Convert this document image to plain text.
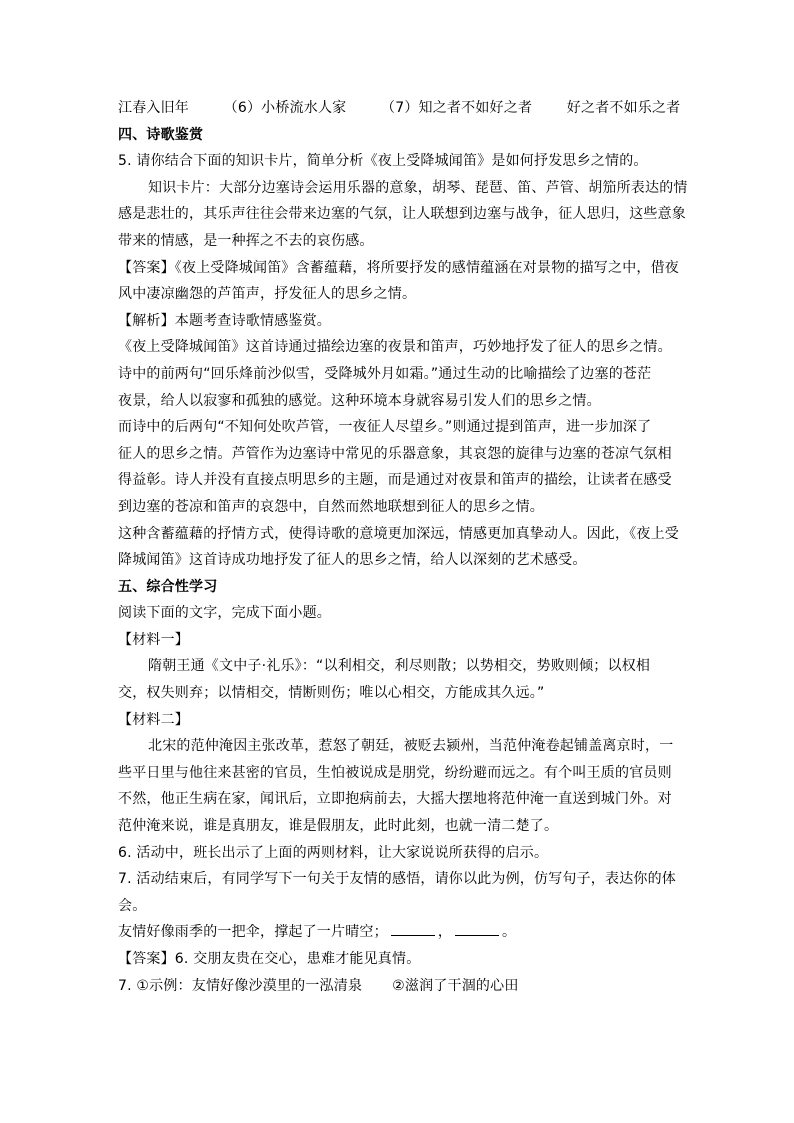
江春入旧年 （6）小桥流水人家 （7）知之者不如好之者 好之者不如乐之者
四、诗歌鉴赏
5. 请你结合下面的知识卡片，简单分析《夜上受降城闻笛》是如何抒发思乡之情的。
知识卡片：大部分边塞诗会运用乐器的意象，胡琴、琵琶、笛、芦管、胡笳所表达的情
感是悲壮的，其乐声往往会带来边塞的气氛，让人联想到边塞与战争，征人思归，这些意象
带来的情感，是一种挥之不去的哀伤感。
【答案】《夜上受降城闻笛》含蓄蕴藉，将所要抒发的感情蕴涵在对景物的描写之中，借夜
风中凄凉幽怨的芦笛声，抒发征人的思乡之情。
【解析】本题考查诗歌情感鉴赏。
《夜上受降城闻笛》这首诗通过描绘边塞的夜景和笛声，巧妙地抒发了征人的思乡之情。
诗中的前两句“回乐烽前沙似雪，受降城外月如霜。”通过生动的比喻描绘了边塞的苍茫
夜景，给人以寂寥和孤独的感觉。这种环境本身就容易引发人们的思乡之情。
而诗中的后两句“不知何处吹芦管，一夜征人尽望乡。”则通过提到笛声，进一步加深了
征人的思乡之情。芦管作为边塞诗中常见的乐器意象，其哀怨的旋律与边塞的苍凉气氛相
得益彰。诗人并没有直接点明思乡的主题，而是通过对夜景和笛声的描绘，让读者在感受
到边塞的苍凉和笛声的哀怨中，自然而然地联想到征人的思乡之情。
这种含蓄蕴藉的抒情方式，使得诗歌的意境更加深远，情感更加真挚动人。因此，《夜上受
降城闻笛》这首诗成功地抒发了征人的思乡之情，给人以深刻的艺术感受。
五、综合性学习
阅读下面的文字，完成下面小题。
【材料一】
隋朝王通《文中子·礼乐》：“以利相交，利尽则散；以势相交，势败则倾；以权相
交，权失则弃；以情相交，情断则伤；唯以心相交，方能成其久远。”
【材料二】
北宋的范仲淹因主张改革，惹怒了朝廷，被贬去颍州，当范仲淹卷起铺盖离京时，一
些平日里与他往来甚密的官员，生怕被说成是朋党，纷纷避而远之。有个叫王质的官员则
不然，他正生病在家，闻讯后，立即抱病前去，大摇大摆地将范仲淹一直送到城门外。对
范仲淹来说，谁是真朋友，谁是假朋友，此时此刻，也就一清二楚了。
6. 活动中，班长出示了上面的两则材料，让大家说说所获得的启示。
7. 活动结束后，有同学写下一句关于友情的感悟，请你以此为例，仿写句子，表达你的体
会。
友情好像雨季的一把伞，撑起了一片晴空；	，	。
【答案】6. 交朋友贵在交心，患难才能见真情。
7. ①示例：友情好像沙漠里的一泓清泉 ②滋润了干涸的心田
